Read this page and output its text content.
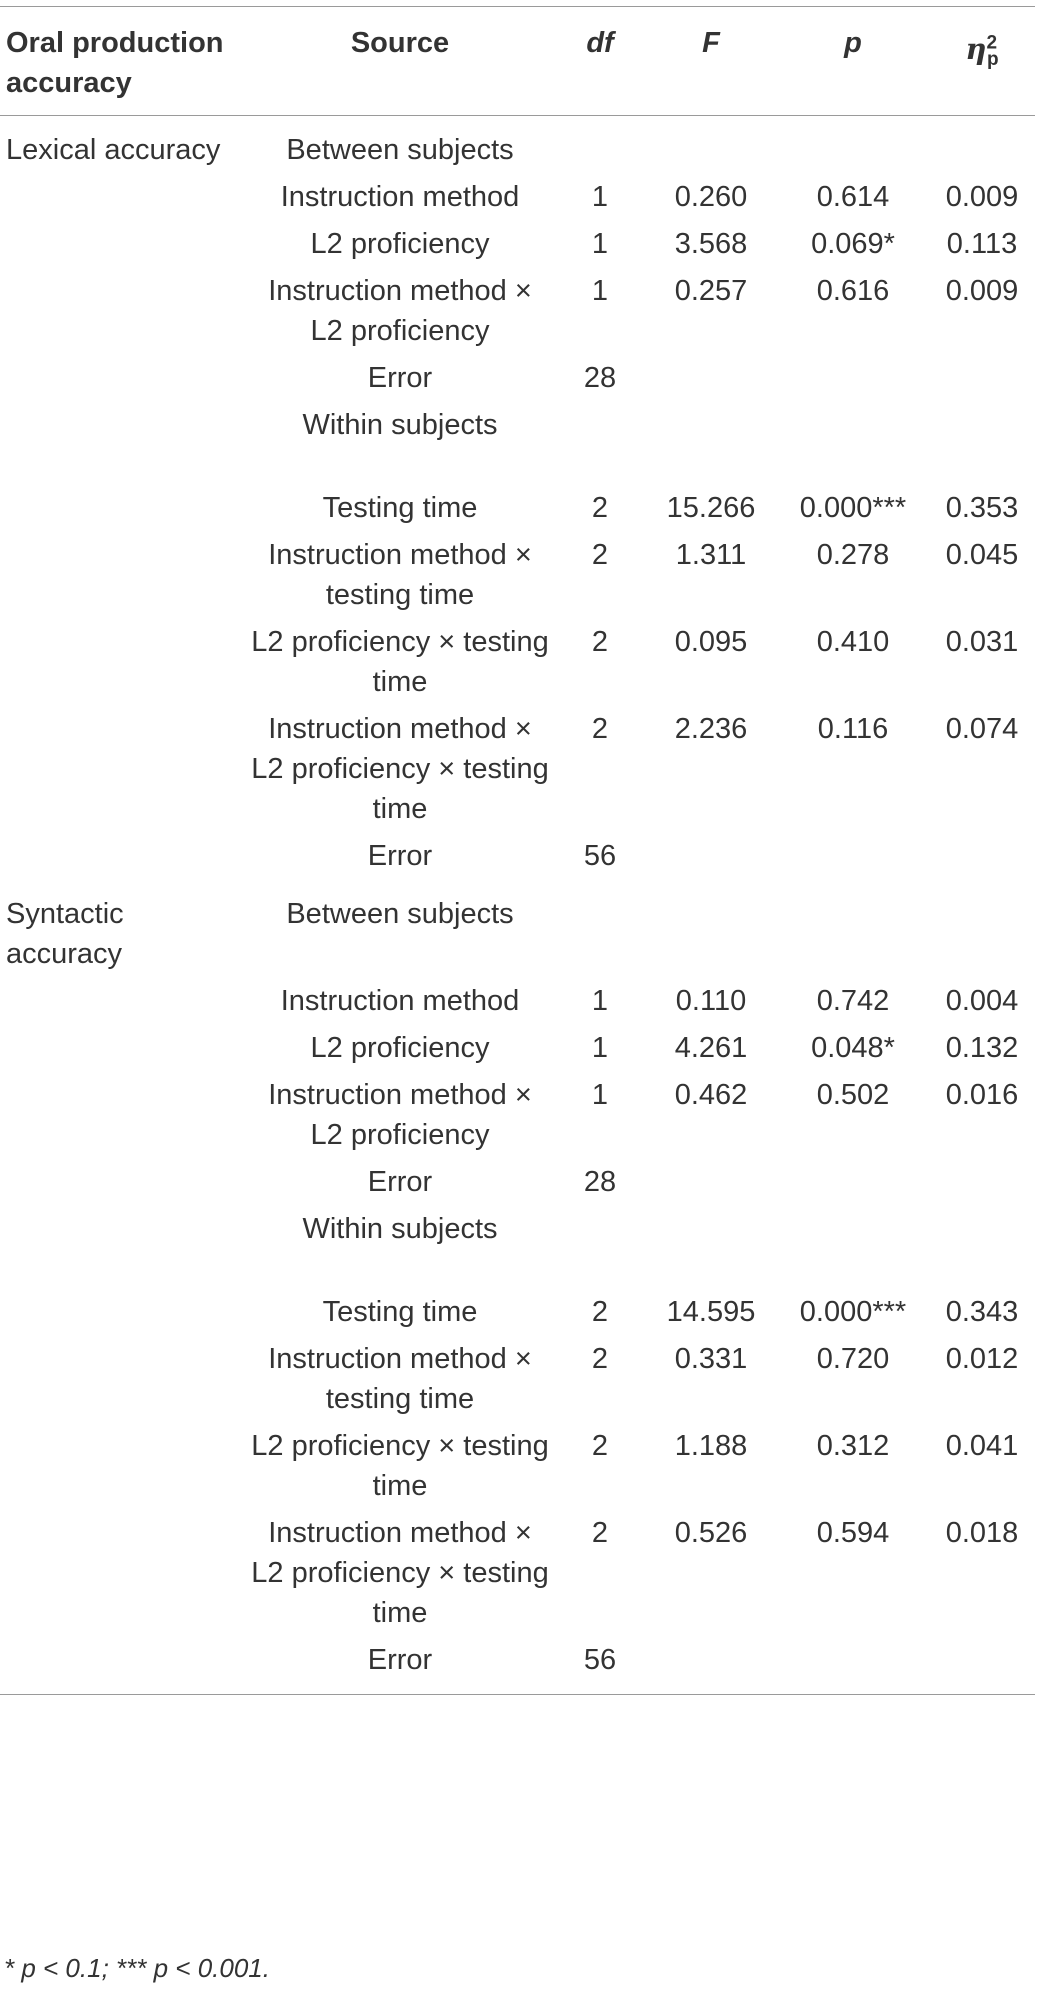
Oral production accuracy	Source	df	F	p	$\eta^2_p$
Lexical accuracy	Between subjects				
	Instruction method	1	0.260	0.614	0.009
	L2 proficiency	1	3.568	0.069*	0.113
	Instruction method × L2 proficiency	1	0.257	0.616	0.009
	Error	28			
	Within subjects				

	Testing time	2	15.266	0.000***	0.353
	Instruction method × testing time	2	1.311	0.278	0.045
	L2 proficiency × testing time	2	0.095	0.410	0.031
	Instruction method × L2 proficiency × testing time	2	2.236	0.116	0.074
	Error	56			
Syntactic accuracy	Between subjects				
	Instruction method	1	0.110	0.742	0.004
	L2 proficiency	1	4.261	0.048*	0.132
	Instruction method × L2 proficiency	1	0.462	0.502	0.016
	Error	28			
	Within subjects				

	Testing time	2	14.595	0.000***	0.343
	Instruction method × testing time	2	0.331	0.720	0.012
	L2 proficiency × testing time	2	1.188	0.312	0.041
	Instruction method × L2 proficiency × testing time	2	0.526	0.594	0.018
	Error	56			
* p < 0.1; *** p < 0.001.
